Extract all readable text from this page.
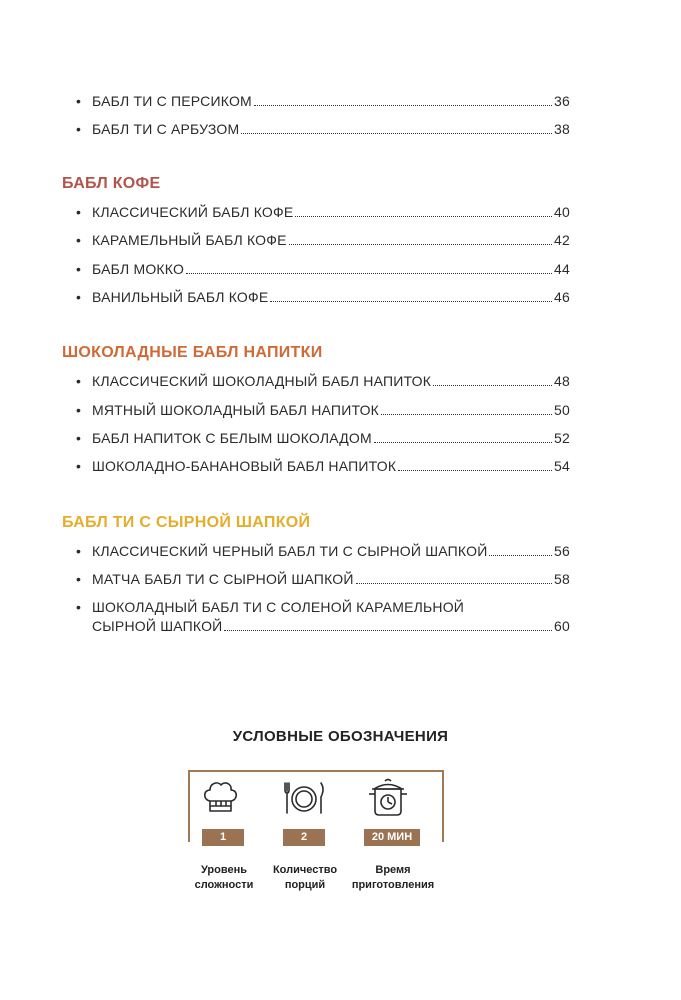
• БАБЛ ТИ С ПЕРСИКОМ	36
• БАБЛ ТИ С АРБУЗОМ	38
БАБЛ КОФЕ
• КЛАССИЧЕСКИЙ БАБЛ КОФЕ	40
• КАРАМЕЛЬНЫЙ БАБЛ КОФЕ	42
• БАБЛ МОККО	44
• ВАНИЛЬНЫЙ БАБЛ КОФЕ	46
ШОКОЛАДНЫЕ БАБЛ НАПИТКИ
• КЛАССИЧЕСКИЙ ШОКОЛАДНЫЙ БАБЛ НАПИТОК	48
• МЯТНЫЙ ШОКОЛАДНЫЙ БАБЛ НАПИТОК	50
• БАБЛ НАПИТОК С БЕЛЫМ ШОКОЛАДОМ	52
• ШОКОЛАДНО-БАНАНОВЫЙ БАБЛ НАПИТОК	54
БАБЛ ТИ С СЫРНОЙ ШАПКОЙ
• КЛАССИЧЕСКИЙ ЧЕРНЫЙ БАБЛ ТИ С СЫРНОЙ ШАПКОЙ	56
• МАТЧА БАБЛ ТИ С СЫРНОЙ ШАПКОЙ	58
• ШОКОЛАДНЫЙ БАБЛ ТИ С СОЛЕНОЙ КАРАМЕЛЬНОЙ
СЫРНОЙ ШАПКОЙ	60
УСЛОВНЫЕ ОБОЗНАЧЕНИЯ
1	2	20 МИН
Уровень
сложности
Количество
порций
Время
приготовления
